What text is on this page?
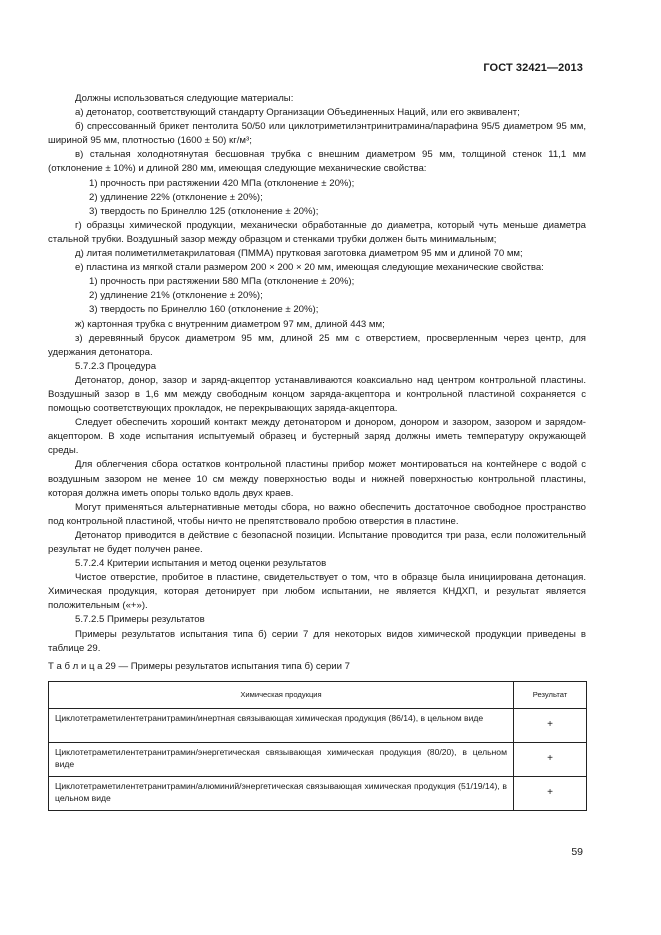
ГОСТ 32421—2013

Должны использоваться следующие материалы:

а) детонатор, соответствующий стандарту Организации Объединенных Наций, или его эквивалент;

б) спрессованный брикет пентолита 50/50 или циклотриметилэнтринитрамина/парафина 95/5 диаметром 95 мм, шириной 95 мм, плотностью (1600 ± 50) кг/м³;

в) стальная холоднотянутая бесшовная трубка с внешним диаметром 95 мм, толщиной стенок 11,1 мм (отклонение ± 10%) и длиной 280 мм, имеющая следующие механические свойства:

1) прочность при растяжении 420 МПа (отклонение ± 20%);

2) удлинение 22% (отклонение ± 20%);

3) твердость по Бринеллю 125 (отклонение ± 20%);

г) образцы химической продукции, механически обработанные до диаметра, который чуть меньше диаметра стальной трубки. Воздушный зазор между образцом и стенками трубки должен быть минимальным;

д) литая полиметилметакрилатовая (ПММА) прутковая заготовка диаметром 95 мм и длиной 70 мм;

е) пластина из мягкой стали размером 200 × 200 × 20 мм, имеющая следующие механические свойства:

1) прочность при растяжении 580 МПа (отклонение ± 20%);

2) удлинение 21% (отклонение ± 20%);

3) твердость по Бринеллю 160 (отклонение ± 20%);

ж) картонная трубка с внутренним диаметром 97 мм, длиной 443 мм;

з) деревянный брусок диаметром 95 мм, длиной 25 мм с отверстием, просверленным через центр, для удержания детонатора.

5.7.2.3 Процедура

Детонатор, донор, зазор и заряд-акцептор устанавливаются коаксиально над центром контрольной пластины. Воздушный зазор в 1,6 мм между свободным концом заряда-акцептора и контрольной пластиной сохраняется с помощью соответствующих прокладок, не перекрывающих заряда-акцептора.

Следует обеспечить хороший контакт между детонатором и донором, донором и зазором, зазором и зарядом-акцептором. В ходе испытания испытуемый образец и бустерный заряд должны иметь температуру окружающей среды.

Для облегчения сбора остатков контрольной пластины прибор может монтироваться на контейнере с водой с воздушным зазором не менее 10 см между поверхностью воды и нижней поверхностью контрольной пластины, которая должна иметь опоры только вдоль двух краев.

Могут применяться альтернативные методы сбора, но важно обеспечить достаточное свободное пространство под контрольной пластиной, чтобы ничто не препятствовало пробою отверстия в пластине.

Детонатор приводится в действие с безопасной позиции. Испытание проводится три раза, если положительный результат не будет получен ранее.

5.7.2.4 Критерии испытания и метод оценки результатов

Чистое отверстие, пробитое в пластине, свидетельствует о том, что в образце была инициирована детонация. Химическая продукция, которая детонирует при любом испытании, не является КНДХП, и результат является положительным («+»).

5.7.2.5 Примеры результатов

Примеры результатов испытания типа б) серии 7 для некоторых видов химической продукции приведены в таблице 29.

Т а б л и ц а 29 — Примеры результатов испытания типа б) серии 7
Химическая продукция	Результат
Циклотетраметилентетранитрамин/инертная связывающая химическая продукция (86/14), в цельном виде	+
Циклотетраметилентетранитрамин/энергетическая связывающая химическая продукция (80/20), в цельном виде	+
Циклотетраметилентетранитрамин/алюминий/энергетическая связывающая химическая продукция (51/19/14), в цельном виде	+
59
